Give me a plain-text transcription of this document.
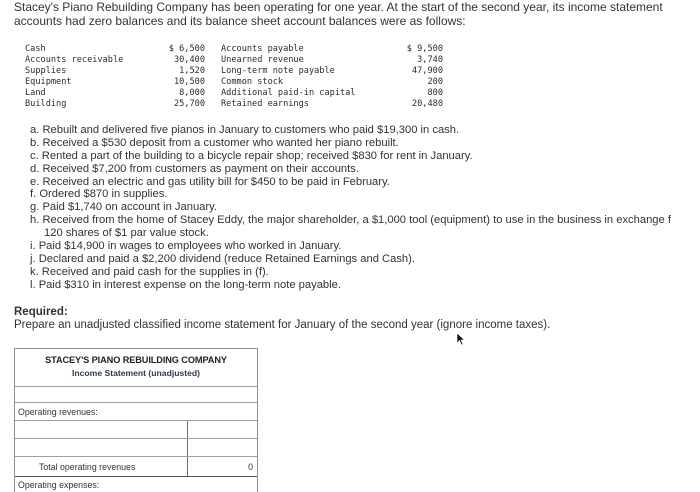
Stacey's Piano Rebuilding Company has been operating for one year. At the start of the second year, its income statement accounts had zero balances and its balance sheet account balances were as follows:
Cash
Accounts receivable
Supplies
Equipment
Land
Building
$ 6,500
30,400
1,520
10,500
8,000
25,700
Accounts payable
Unearned revenue
Long-term note payable
Common stock
Additional paid-in capital
Retained earnings
$ 9,500
3,740
47,900
200
800
20,480
a. Rebuilt and delivered five pianos in January to customers who paid $19,300 in cash.
b. Received a $530 deposit from a customer who wanted her piano rebuilt.
c. Rented a part of the building to a bicycle repair shop; received $830 for rent in January.
d. Received $7,200 from customers as payment on their accounts.
e. Received an electric and gas utility bill for $450 to be paid in February.
f. Ordered $870 in supplies.
g. Paid $1,740 on account in January.
h. Received from the home of Stacey Eddy, the major shareholder, a $1,000 tool (equipment) to use in the business in exchange f
120 shares of $1 par value stock.
i. Paid $14,900 in wages to employees who worked in January.
j. Declared and paid a $2,200 dividend (reduce Retained Earnings and Cash).
k. Received and paid cash for the supplies in (f).
l. Paid $310 in interest expense on the long-term note payable.
Required:
Prepare an unadjusted classified income statement for January of the second year (ignore income taxes).
STACEY'S PIANO REBUILDING COMPANY
Income Statement (unadjusted)
Operating revenues:
Total operating revenues	0
Operating expenses:
